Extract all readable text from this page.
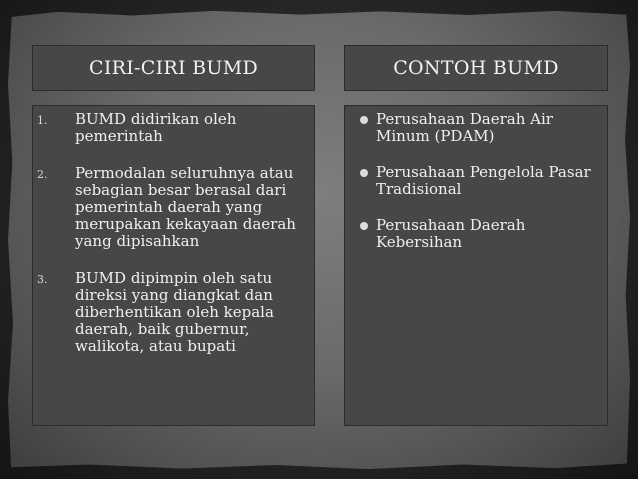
CIRI-CIRI BUMD	CONTOH BUMD
1. BUMD didirikan oleh pemerintah
2. Permodalan seluruhnya atau sebagian besar berasal dari pemerintah daerah yang merupakan kekayaan daerah yang dipisahkan
3. BUMD dipimpin oleh satu direksi yang diangkat dan diberhentikan oleh kepala daerah, baik gubernur, walikota, atau bupati
Perusahaan Daerah Air Minum (PDAM)
Perusahaan Pengelola Pasar Tradisional
Perusahaan Daerah Kebersihan
